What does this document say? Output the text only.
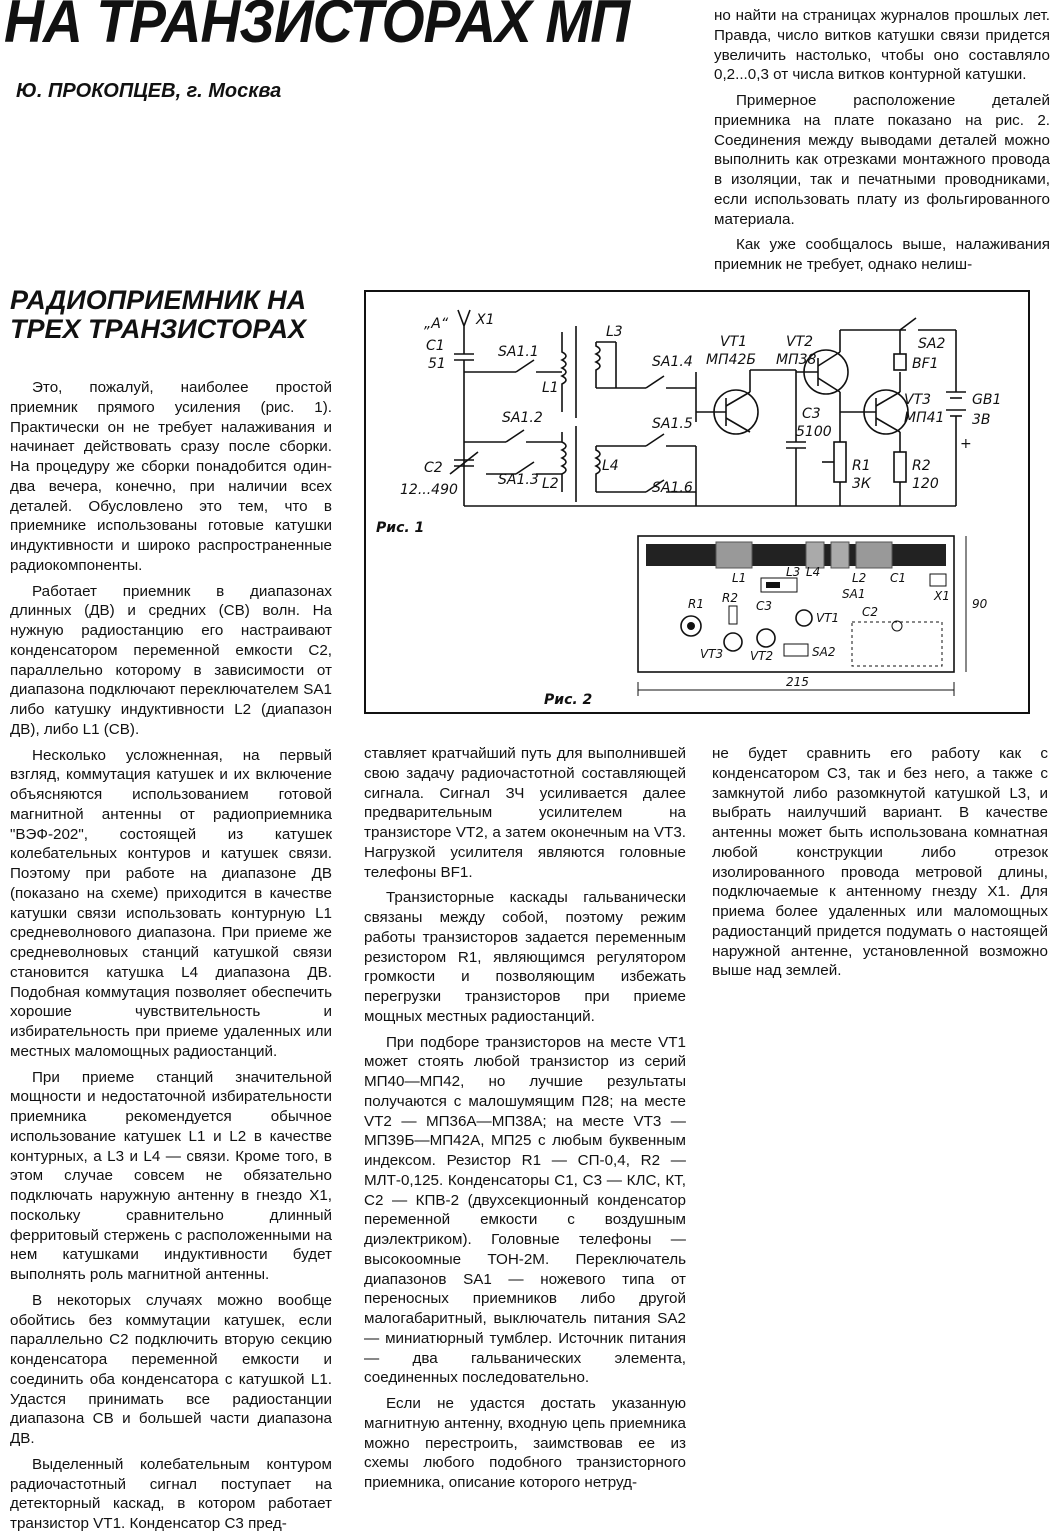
НА ТРАНЗИСТОРАХ МП
Ю. ПРОКОПЦЕВ, г. Москва

но найти на страницах журналов прошлых лет. Правда, число витков катушки связи придется увеличить настолько, чтобы оно составляло 0,2...0,3 от числа витков контурной катушки.

Примерное расположение деталей приемника на плате показано на рис. 2. Соединения между выводами деталей можно выполнить как отрезками монтажного провода в изоляции, так и печатными проводниками, если использовать плату из фольгированного материала.

Как уже сообщалось выше, налаживания приемник не требует, однако нелиш-

РАДИОПРИЕМНИК НА ТРЕХ ТРАНЗИСТОРАХ

Это, пожалуй, наиболее простой приемник прямого усиления (рис. 1). Практически он не требует налаживания и начинает действовать сразу после сборки. На процедуру же сборки понадобится один-два вечера, конечно, при наличии всех деталей. Обусловлено это тем, что в приемнике использованы готовые катушки индуктивности и широко распространенные радиокомпоненты.

Работает приемник в диапазонах длинных (ДВ) и средних (СВ) волн. На нужную радиостанцию его настраивают конденсатором переменной емкости C2, параллельно которому в зависимости от диапазона подключают переключателем SA1 либо катушку индуктивности L2 (диапазон ДВ), либо L1 (СВ).

Несколько усложненная, на первый взгляд, коммутация катушек и их включение объясняются использованием готовой магнитной антенны от радиоприемника "ВЭФ-202", состоящей из катушек колебательных контуров и катушек связи. Поэтому при работе на диапазоне ДВ (показано на схеме) приходится в качестве катушки связи использовать контурную L1 средневолнового диапазона. При приеме же средневолновых станций катушкой связи становится катушка L4 диапазона ДВ. Подобная коммутация позволяет обеспечить хорошие чувствительность и избирательность при приеме удаленных или местных маломощных радиостанций.

При приеме станций значительной мощности и недостаточной избирательности приемника рекомендуется обычное использование катушек L1 и L2 в качестве контурных, а L3 и L4 — связи. Кроме того, в этом случае совсем не обязательно подключать наружную антенну в гнездо X1, поскольку сравнительно длинный ферритовый стержень с расположенными на нем катушками индуктивности будет выполнять роль магнитной антенны.

В некоторых случаях можно вообще обойтись без коммутации катушек, если параллельно C2 подключить вторую секцию конденсатора переменной емкости и соединить оба конденсатора с катушкой L1. Удастся принимать все радиостанции диапазона СВ и большей части диапазона ДВ.

Выделенный колебательным контуром радиочастотный сигнал поступает на детекторный каскад, в котором работает транзистор VT1. Конденсатор C3 пред-

ставляет кратчайший путь для выполнившей свою задачу радиочастотной составляющей сигнала. Сигнал ЗЧ усиливается далее предварительным усилителем на транзисторе VT2, а затем оконечным на VT3. Нагрузкой усилителя являются головные телефоны BF1.

Транзисторные каскады гальванически связаны между собой, поэтому режим работы транзисторов задается переменным резистором R1, являющимся регулятором громкости и позволяющим избежать перегрузки транзисторов при приеме мощных местных радиостанций.

При подборе транзисторов на месте VT1 может стоять любой транзистор из серий МП40—МП42, но лучшие результаты получаются с малошумящим П28; на месте VT2 — МП36А—МП38А; на месте VT3 — МП39Б—МП42А, МП25 с любым буквенным индексом. Резистор R1 — СП-0,4, R2 — МЛТ-0,125. Конденсаторы C1, C3 — КЛС, КТ, C2 — КПВ-2 (двухсекционный конденсатор переменной емкости с воздушным диэлектриком). Головные телефоны — высокоомные ТОН-2М. Переключатель диапазонов SA1 — ножевого типа от переносных приемников либо другой малогабаритный, выключатель питания SA2 — миниатюрный тумблер. Источник питания — два гальванических элемента, соединенных последовательно.

Если не удастся достать указанную магнитную антенну, входную цепь приемника можно перестроить, заимствовав ее из схемы любого подобного транзисторного приемника, описание которого нетруд-

не будет сравнить его работу как с конденсатором C3, так и без него, а также с замкнутой либо разомкнутой катушкой L3, и выбрать наилучший вариант. В качестве антенны может быть использована комнатная любой конструкции либо отрезок изолированного провода метровой длины, подключаемые к антенному гнезду X1. Для приема более удаленных или маломощных радиостанций придется подумать о настоящей наружной антенне, установленной возможно выше над землей.

„А“ X1
C1
51
SA1.1
L1
L3
SA1.2
SA1.3 L2
L4
C2
12...490
SA1.4
SA1.5
SA1.6
VT1
МП42Б
VT2
МП38
C3
5100
R1
3К
R2
120
VT3
МП41
SA2
BF1
GB1
3В
+
Рис. 1
L1	L3 L4	L2 C1
X1
SA1
R1 R2
C3
VT1
VT3 VT2	SA2
C2
90
215
Рис. 2
